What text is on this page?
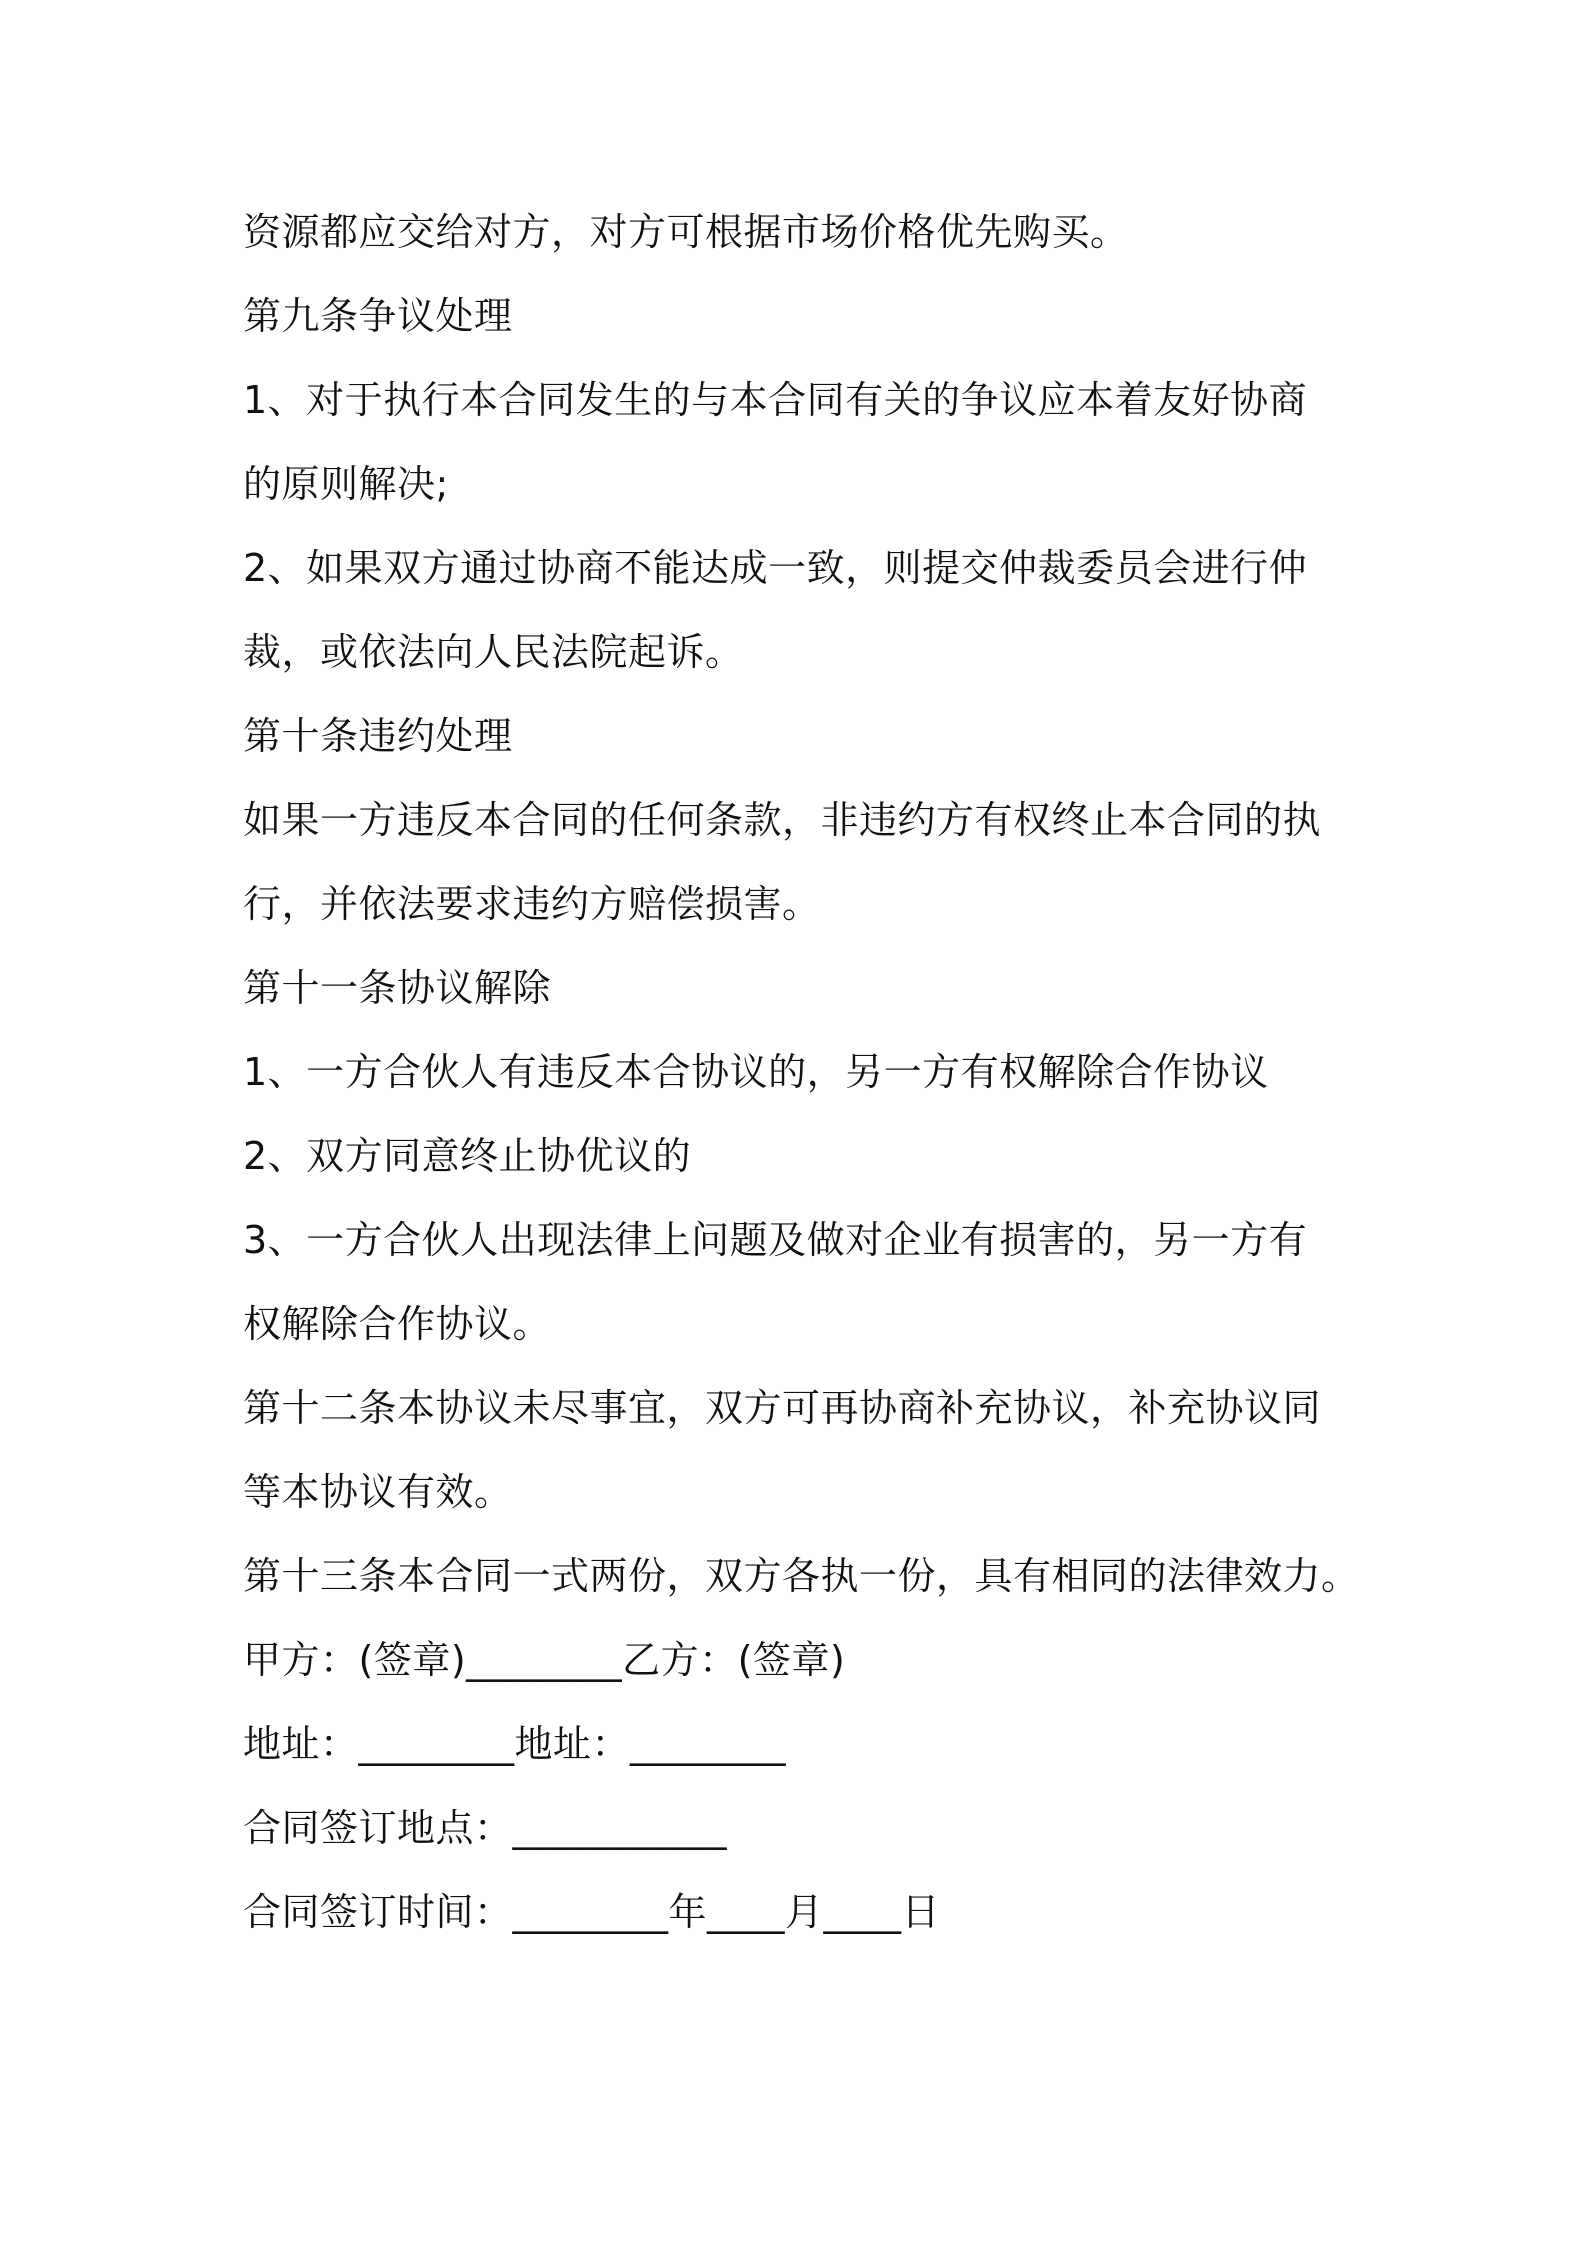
资源都应交给对方，对方可根据市场价格优先购买。
第九条争议处理
1、对于执行本合同发生的与本合同有关的争议应本着友好协商
的原则解决;
2、如果双方通过协商不能达成一致，则提交仲裁委员会进行仲
裁，或依法向人民法院起诉。
第十条违约处理
如果一方违反本合同的任何条款，非违约方有权终止本合同的执
行，并依法要求违约方赔偿损害。
第十一条协议解除
1、一方合伙人有违反本合协议的，另一方有权解除合作协议
2、双方同意终止协优议的
3、一方合伙人出现法律上问题及做对企业有损害的，另一方有
权解除合作协议。
第十二条本协议未尽事宜，双方可再协商补充协议，补充协议同
等本协议有效。
第十三条本合同一式两份，双方各执一份，具有相同的法律效力。
甲方：(签章)________乙方：(签章)
地址：________地址：________
合同签订地点：___________
合同签订时间：________年____月____日
